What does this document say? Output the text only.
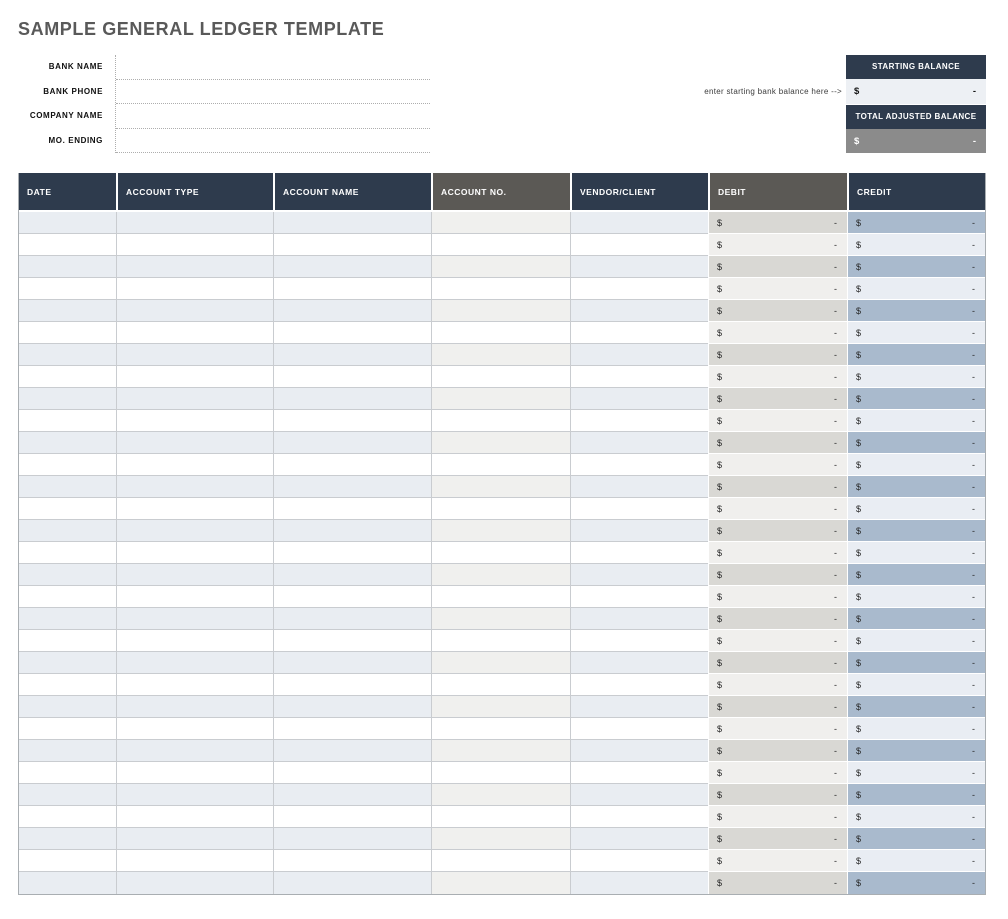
SAMPLE GENERAL LEDGER TEMPLATE
BANK NAME
BANK PHONE
COMPANY NAME
MO. ENDING
enter starting bank balance here -->
STARTING BALANCE
$	-
TOTAL ADJUSTED BALANCE
$	-
DATE	ACCOUNT TYPE	ACCOUNT NAME	ACCOUNT NO.	VENDOR/CLIENT	DEBIT	CREDIT

					$ -	$ -

					$ -	$ -

					$ -	$ -

					$ -	$ -

					$ -	$ -

					$ -	$ -

					$ -	$ -

					$ -	$ -

					$ -	$ -

					$ -	$ -

					$ -	$ -

					$ -	$ -

					$ -	$ -

					$ -	$ -

					$ -	$ -

					$ -	$ -

					$ -	$ -

					$ -	$ -

					$ -	$ -

					$ -	$ -

					$ -	$ -

					$ -	$ -

					$ -	$ -

					$ -	$ -

					$ -	$ -

					$ -	$ -

					$ -	$ -

					$ -	$ -

					$ -	$ -

					$ -	$ -

					$ -	$ -
